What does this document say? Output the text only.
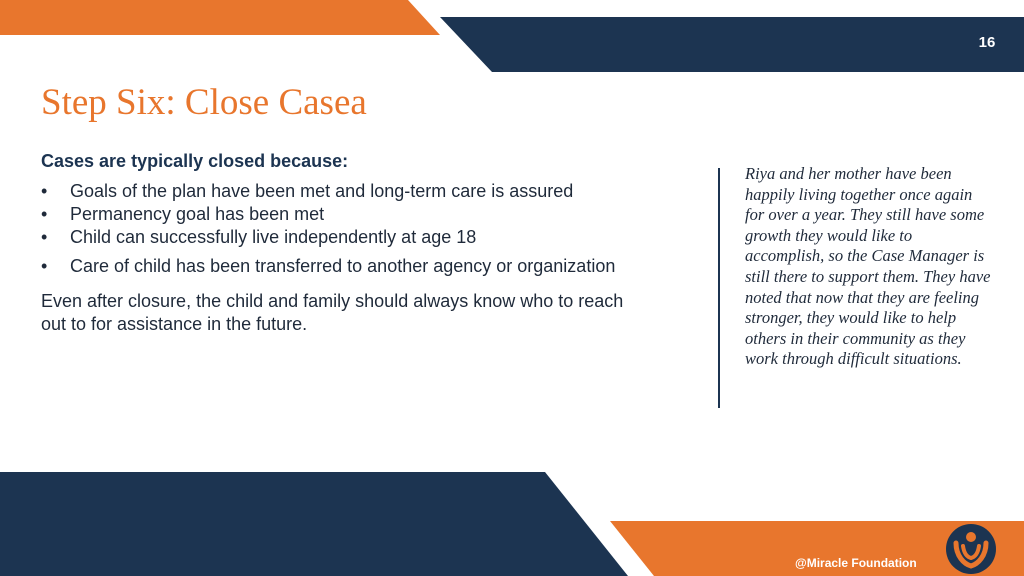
16
Step Six: Close Casea

Cases are typically closed because:

• Goals of the plan have been met and long-term care is assured
• Permanency goal has been met
• Child can successfully live independently at age 18
• Care of child has been transferred to another agency or organization

Even after closure, the child and family should always know who to reach out to for assistance in the future.

Riya and her mother have been happily living together once again for over a year. They still have some growth they would like to accomplish, so the Case Manager is still there to support them. They have noted that now that they are feeling stronger, they would like to help others in their community as they work through difficult situations.

@Miracle Foundation
